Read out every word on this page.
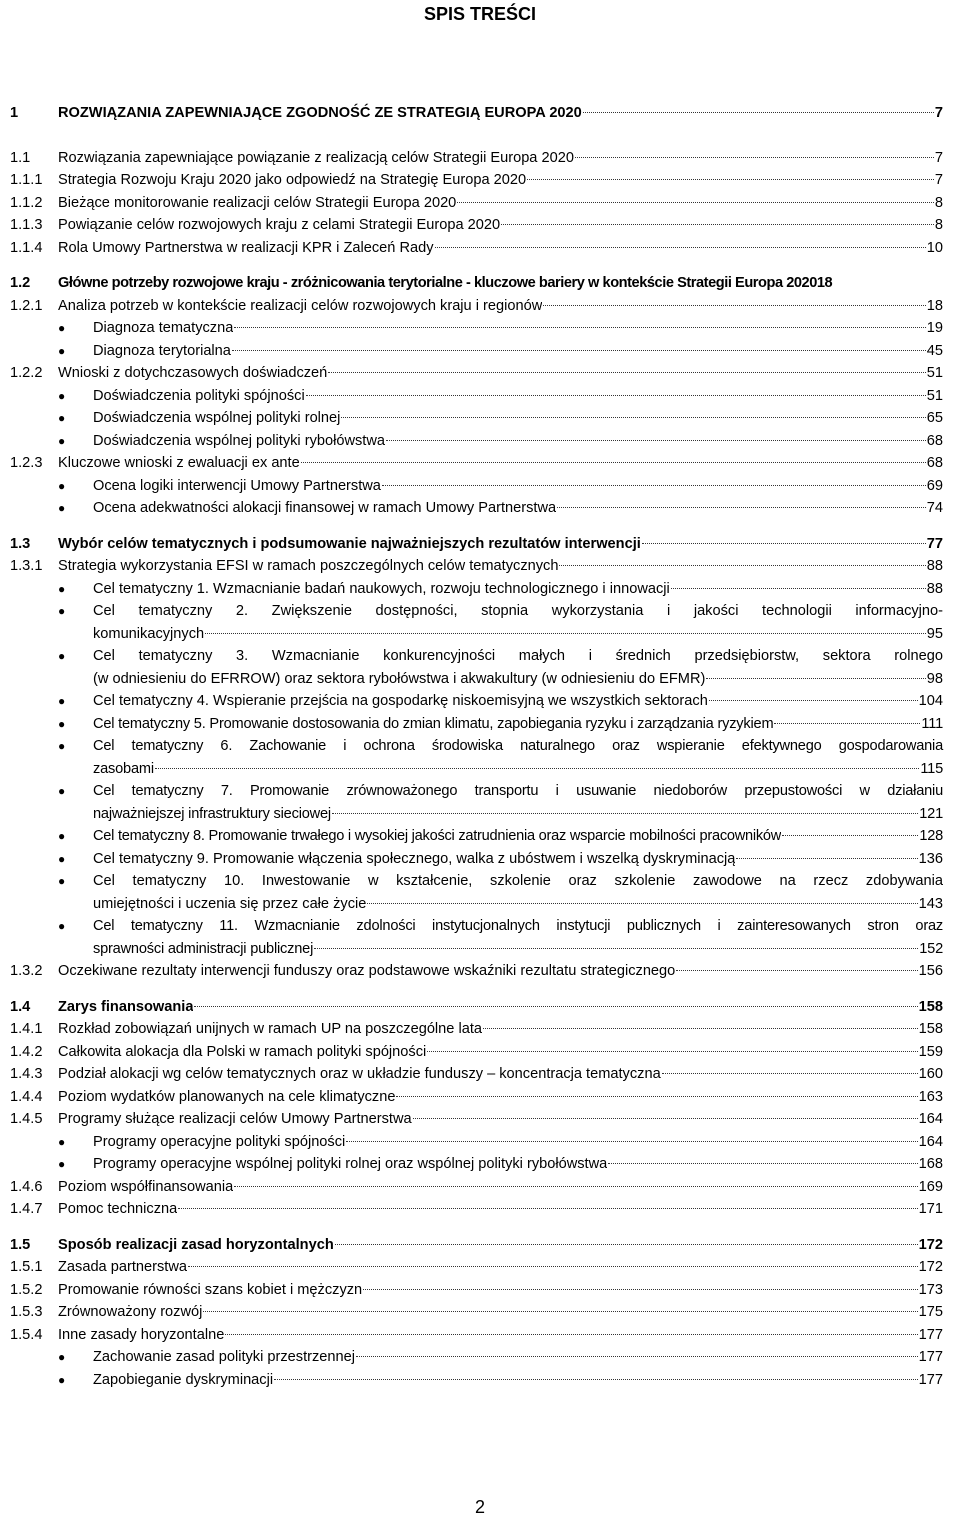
SPIS TREŚCI
1	ROZWIĄZANIA ZAPEWNIAJĄCE ZGODNOŚĆ ZE STRATEGIĄ EUROPA 2020	7
1.1 Rozwiązania zapewniające powiązanie z realizacją celów Strategii Europa 2020	7
1.1.1 Strategia Rozwoju Kraju 2020 jako odpowiedź na Strategię Europa 2020	7
1.1.2 Bieżące monitorowanie realizacji celów Strategii Europa 2020	8
1.1.3 Powiązanie celów rozwojowych kraju z celami Strategii Europa 2020	8
1.1.4 Rola Umowy Partnerstwa w realizacji KPR i Zaleceń Rady	10
1.2 Główne potrzeby rozwojowe kraju - zróżnicowania terytorialne - kluczowe bariery w kontekście Strategii Europa 2020 18
1.2.1 Analiza potrzeb w kontekście realizacji celów rozwojowych kraju i regionów	18
● Diagnoza tematyczna	19
● Diagnoza terytorialna	45
1.2.2 Wnioski z dotychczasowych doświadczeń	51
● Doświadczenia polityki spójności	51
● Doświadczenia wspólnej polityki rolnej	65
● Doświadczenia wspólnej polityki rybołówstwa	68
1.2.3 Kluczowe wnioski z ewaluacji ex ante	68
● Ocena logiki interwencji Umowy Partnerstwa	69
● Ocena adekwatności alokacji finansowej w ramach Umowy Partnerstwa	74
1.3 Wybór celów tematycznych i podsumowanie najważniejszych rezultatów interwencji	77
1.3.1 Strategia wykorzystania EFSI w ramach poszczególnych celów tematycznych	88
● Cel tematyczny 1. Wzmacnianie badań naukowych, rozwoju technologicznego i innowacji	88
● Cel tematyczny 2. Zwiększenie dostępności, stopnia wykorzystania i jakości technologii informacyjno-
komunikacyjnych	95
● Cel tematyczny 3. Wzmacnianie konkurencyjności małych i średnich przedsiębiorstw, sektora rolnego
(w odniesieniu do EFRROW) oraz sektora rybołówstwa i akwakultury (w odniesieniu do EFMR)	98
● Cel tematyczny 4. Wspieranie przejścia na gospodarkę niskoemisyjną we wszystkich sektorach	104
● Cel tematyczny 5. Promowanie dostosowania do zmian klimatu, zapobiegania ryzyku i zarządzania ryzykiem	111
● Cel tematyczny 6. Zachowanie i ochrona środowiska naturalnego oraz wspieranie efektywnego gospodarowania
zasobami	115
● Cel tematyczny 7. Promowanie zrównoważonego transportu i usuwanie niedoborów przepustowości w działaniu
najważniejszej infrastruktury sieciowej	121
● Cel tematyczny 8. Promowanie trwałego i wysokiej jakości zatrudnienia oraz wsparcie mobilności pracowników	128
● Cel tematyczny 9. Promowanie włączenia społecznego, walka z ubóstwem i wszelką dyskryminacją	136
● Cel tematyczny 10. Inwestowanie w kształcenie, szkolenie oraz szkolenie zawodowe na rzecz zdobywania
umiejętności i uczenia się przez całe życie	143
● Cel tematyczny 11. Wzmacnianie zdolności instytucjonalnych instytucji publicznych i zainteresowanych stron oraz
sprawności administracji publicznej	152
1.3.2 Oczekiwane rezultaty interwencji funduszy oraz podstawowe wskaźniki rezultatu strategicznego	156
1.4 Zarys finansowania	158
1.4.1 Rozkład zobowiązań unijnych w ramach UP na poszczególne lata	158
1.4.2 Całkowita alokacja dla Polski w ramach polityki spójności	159
1.4.3 Podział alokacji wg celów tematycznych oraz w układzie funduszy – koncentracja tematyczna	160
1.4.4 Poziom wydatków planowanych na cele klimatyczne	163
1.4.5 Programy służące realizacji celów Umowy Partnerstwa	164
● Programy operacyjne polityki spójności	164
● Programy operacyjne wspólnej polityki rolnej oraz wspólnej polityki rybołówstwa	168
1.4.6 Poziom współfinansowania	169
1.4.7 Pomoc techniczna	171
1.5 Sposób realizacji zasad horyzontalnych	172
1.5.1 Zasada partnerstwa	172
1.5.2 Promowanie równości szans kobiet i mężczyzn	173
1.5.3 Zrównoważony rozwój	175
1.5.4 Inne zasady horyzontalne	177
● Zachowanie zasad polityki przestrzennej	177
● Zapobieganie dyskryminacji	177
2
